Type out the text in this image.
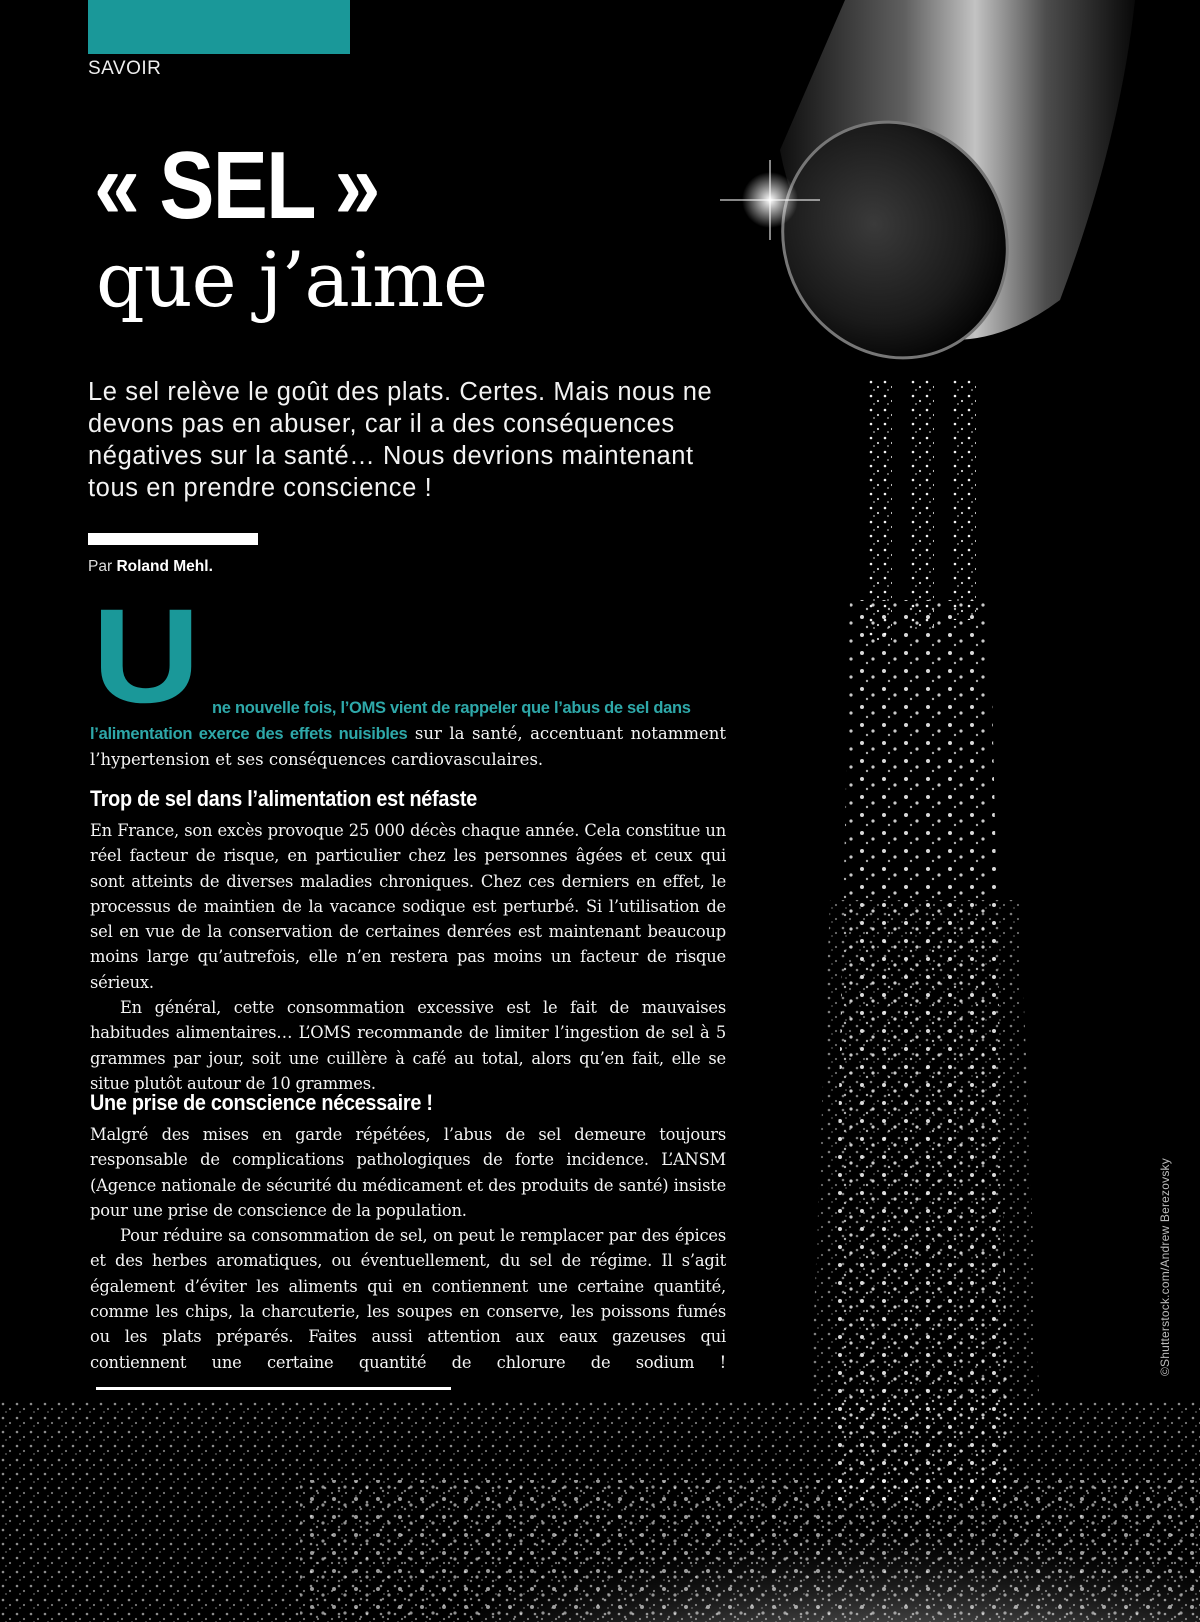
SAVOIR
« SEL »
que j’aime
Le sel relève le goût des plats. Certes. Mais nous ne devons pas en abuser, car il a des conséquences négatives sur la santé… Nous devrions maintenant tous en prendre conscience !
Par Roland Mehl.
U ne nouvelle fois, l’OMS vient de rappeler que l’abus de sel dans
l’alimentation exerce des effets nuisibles sur la santé, accentuant notamment l’hypertension et ses conséquences cardiovasculaires.
Trop de sel dans l’alimentation est néfaste

En France, son excès provoque 25 000 décès chaque année. Cela constitue un réel facteur de risque, en particulier chez les personnes âgées et ceux qui sont atteints de diverses maladies chroniques. Chez ces derniers en effet, le processus de maintien de la vacance sodique est perturbé. Si l’utilisation de sel en vue de la conservation de certaines denrées est maintenant beaucoup moins large qu’autrefois, elle n’en restera pas moins un facteur de risque sérieux.

En général, cette consommation excessive est le fait de mauvaises habitudes alimentaires… L’OMS recommande de limiter l’ingestion de sel à 5 grammes par jour, soit une cuillère à café au total, alors qu’en fait, elle se situe plutôt autour de 10 grammes.

Une prise de conscience nécessaire !

Malgré des mises en garde répétées, l’abus de sel demeure toujours responsable de complications pathologiques de forte incidence. L’ANSM (Agence nationale de sécurité du médicament et des produits de santé) insiste pour une prise de conscience de la population.

Pour réduire sa consommation de sel, on peut le remplacer par des épices et des herbes aromatiques, ou éventuellement, du sel de régime. Il s’agit également d’éviter les aliments qui en contiennent une certaine quantité, comme les chips, la charcuterie, les soupes en conserve, les poissons fumés ou les plats préparés. Faites aussi attention aux eaux gazeuses qui contiennent une certaine quantité de chlorure de sodium !	©Shutterstock.com/Andrew Berezovsky
